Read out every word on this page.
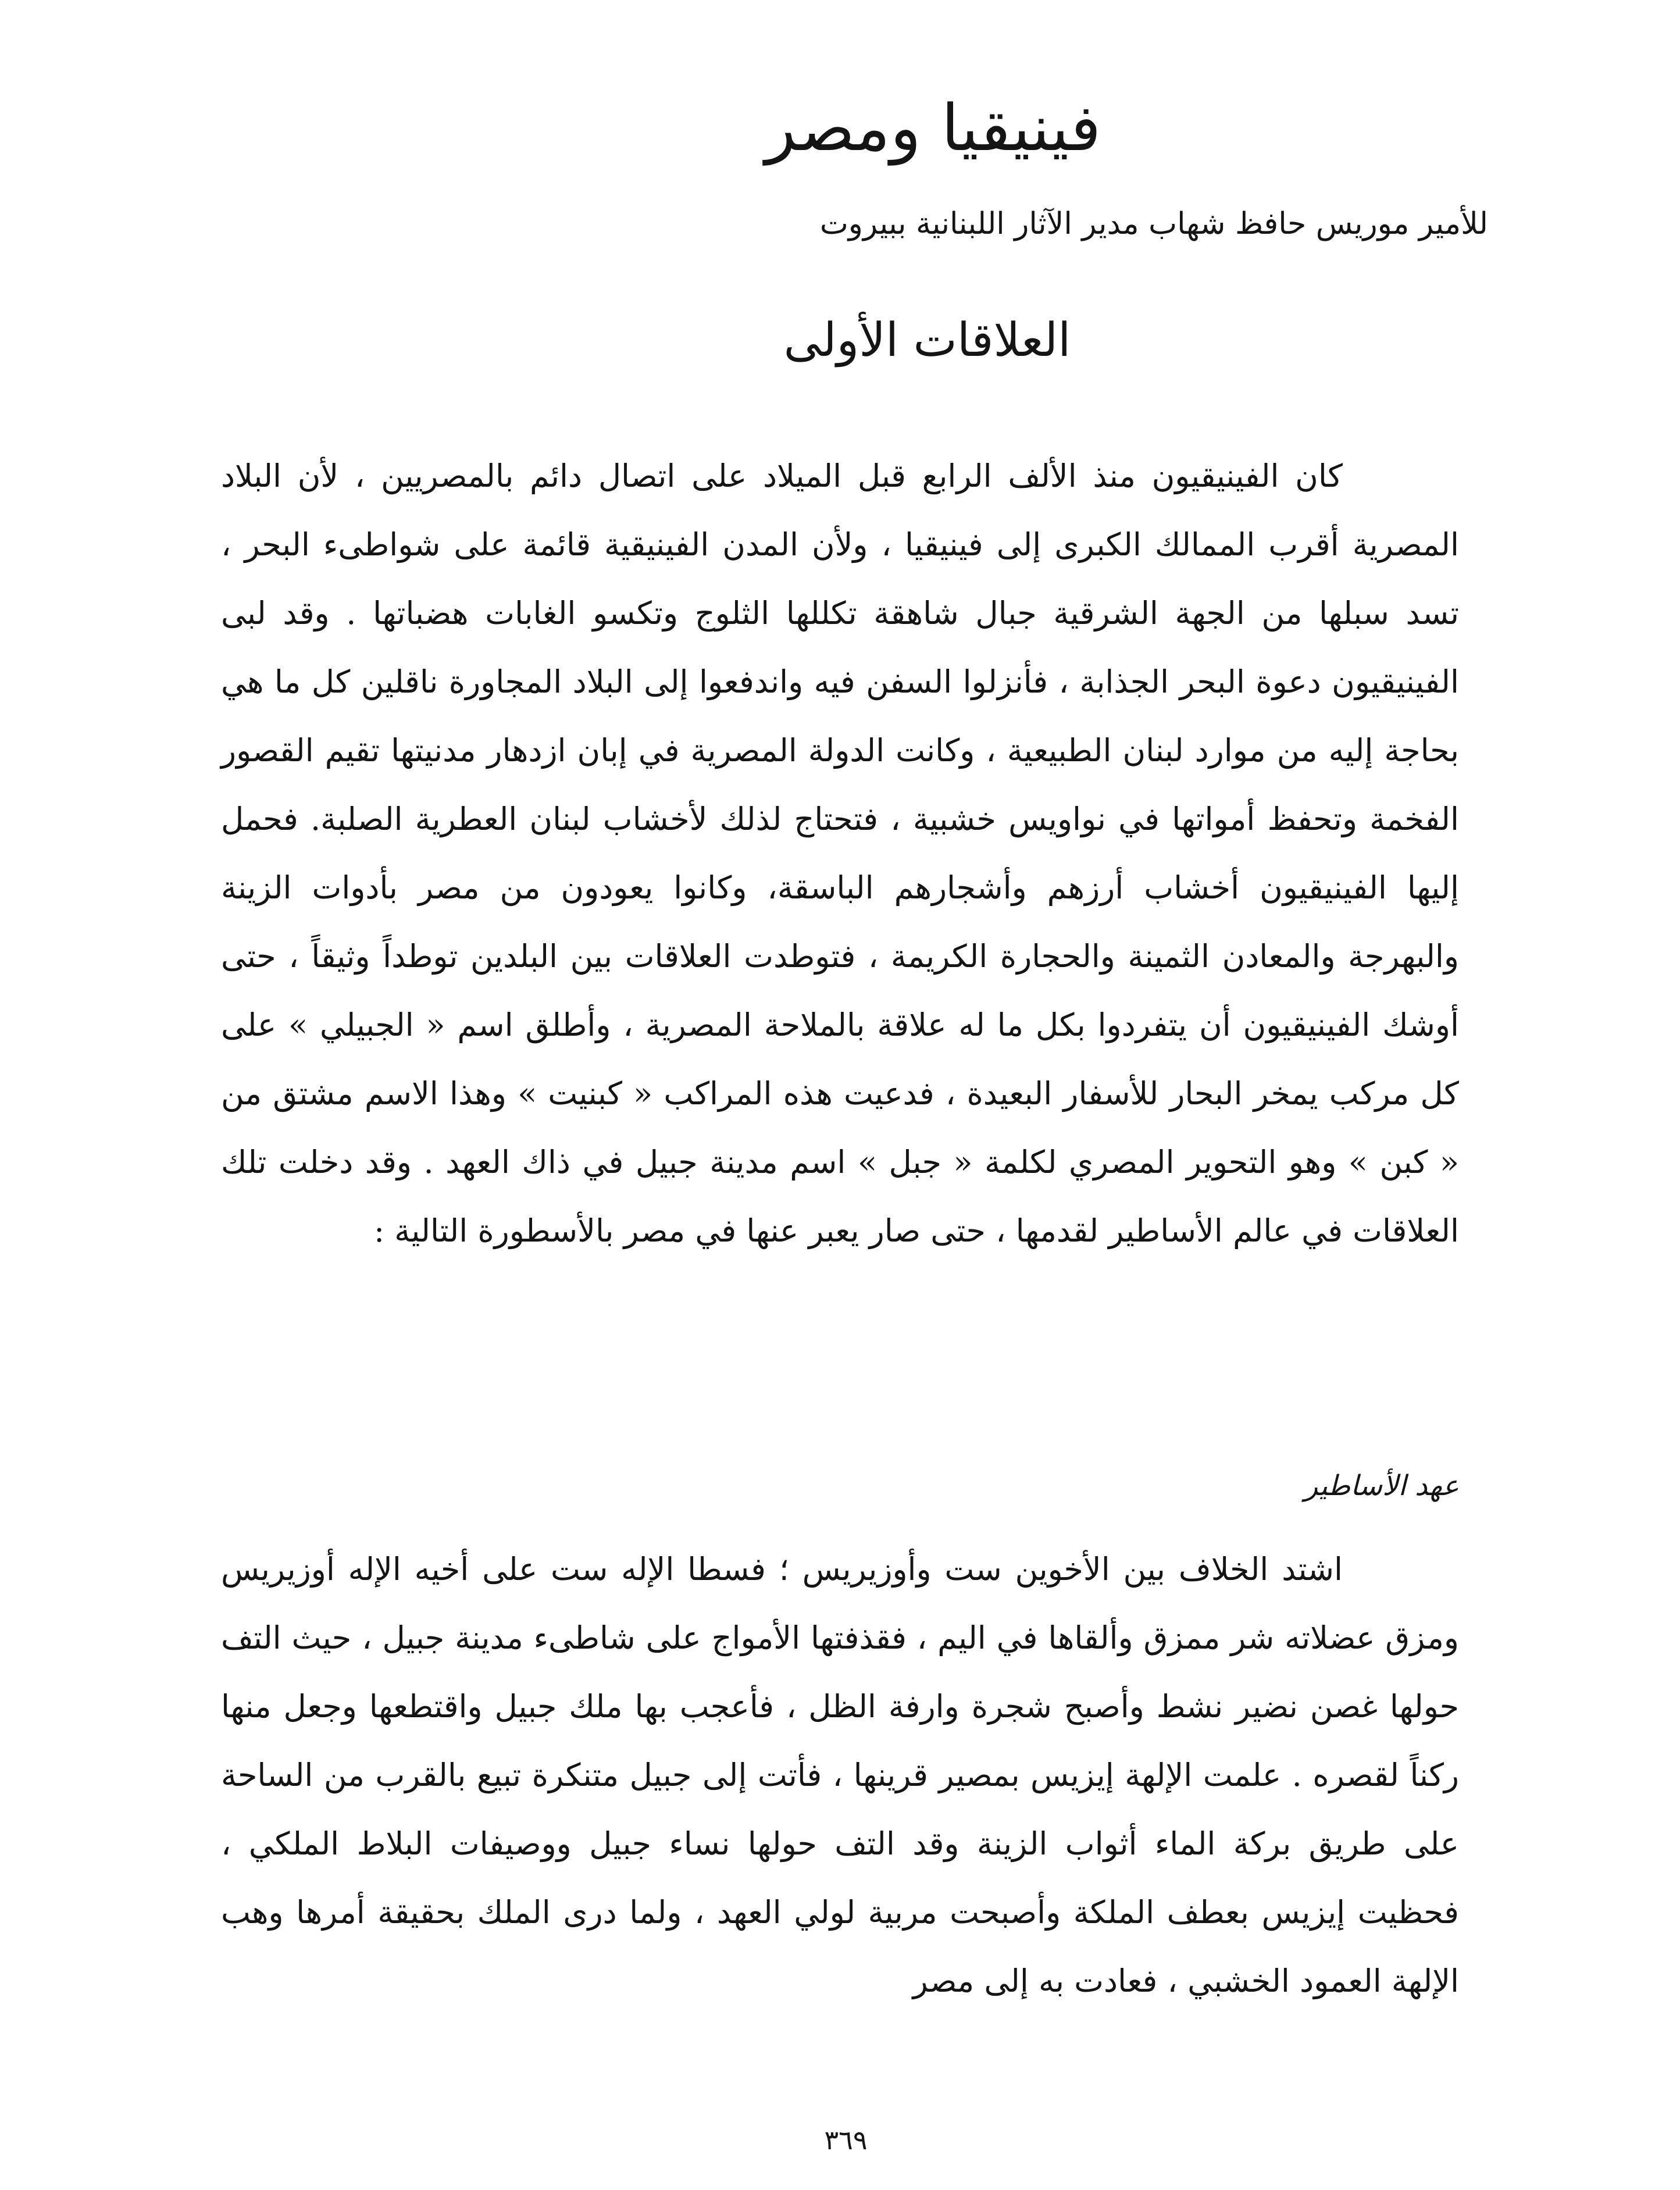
فينيقيا ومصر

للأمير موريس حافظ شهاب مدير الآثار اللبنانية ببيروت

العلاقات الأولى

كان الفينيقيون منذ الألف الرابع قبل الميلاد على اتصال دائم بالمصريين ، لأن البلاد المصرية أقرب الممالك الكبرى إلى فينيقيا ، ولأن المدن الفينيقية قائمة على شواطىء البحر ، تسد سبلها من الجهة الشرقية جبال شاهقة تكللها الثلوج وتكسو الغابات هضباتها . وقد لبى الفينيقيون دعوة البحر الجذابة ، فأنزلوا السفن فيه واندفعوا إلى البلاد المجاورة ناقلين كل ما هي بحاجة إليه من موارد لبنان الطبيعية ، وكانت الدولة المصرية في إبان ازدهار مدنيتها تقيم القصور الفخمة وتحفظ أمواتها في نواويس خشبية ، فتحتاج لذلك لأخشاب لبنان العطرية الصلبة. فحمل إليها الفينيقيون أخشاب أرزهم وأشجارهم الباسقة، وكانوا يعودون من مصر بأدوات الزينة والبهرجة والمعادن الثمينة والحجارة الكريمة ، فتوطدت العلاقات بين البلدين توطداً وثيقاً ، حتى أوشك الفينيقيون أن يتفردوا بكل ما له علاقة بالملاحة المصرية ، وأطلق اسم « الجبيلي » على كل مركب يمخر البحار للأسفار البعيدة ، فدعيت هذه المراكب « كبنيت » وهذا الاسم مشتق من « كبن » وهو التحوير المصري لكلمة « جبل » اسم مدينة جبيل في ذاك العهد . وقد دخلت تلك العلاقات في عالم الأساطير لقدمها ، حتى صار يعبر عنها في مصر بالأسطورة التالية :

عهد الأساطير

اشتد الخلاف بين الأخوين ست وأوزيريس ؛ فسطا الإله ست على أخيه الإله أوزيريس ومزق عضلاته شر ممزق وألقاها في اليم ، فقذفتها الأمواج على شاطىء مدينة جبيل ، حيث التف حولها غصن نضير نشط وأصبح شجرة وارفة الظل ، فأعجب بها ملك جبيل واقتطعها وجعل منها ركناً لقصره . علمت الإلهة إيزيس بمصير قرينها ، فأتت إلى جبيل متنكرة تبيع بالقرب من الساحة على طريق بركة الماء أثواب الزينة وقد التف حولها نساء جبيل ووصيفات البلاط الملكي ، فحظيت إيزيس بعطف الملكة وأصبحت مربية لولي العهد ، ولما درى الملك بحقيقة أمرها وهب الإلهة العمود الخشبي ، فعادت به إلى مصر

٣٦٩
